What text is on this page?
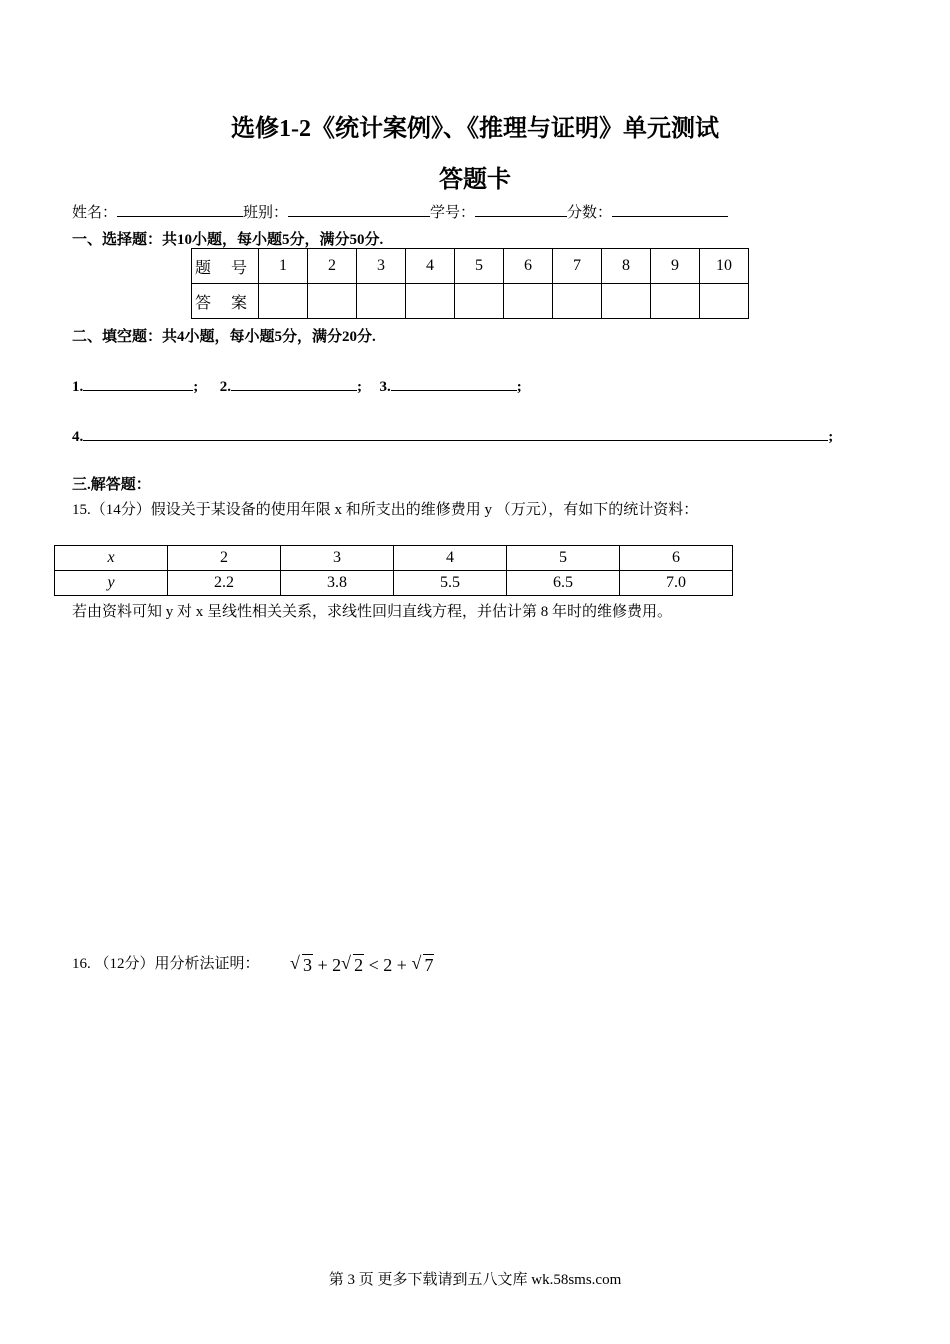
选修1-2《统计案例》、《推理与证明》单元测试
答题卡
姓名：	班别：	学号：	分数：
一、选择题：共10小题，每小题5分，满分50分.
题 号	1	2	3	4	5	6	7	8	9	10
答 案										
二、填空题：共4小题，每小题5分，满分20分.
1.	; 2.	; 3.	;
4.	;
三.解答题：
15.（14分）假设关于某设备的使用年限 x 和所支出的维修费用 y （万元），有如下的统计资料：
x	2	3	4	5	6
y	2.2	3.8	5.5	6.5	7.0
若由资料可知 y 对 x 呈线性相关关系，求线性回归直线方程，并估计第 8 年时的维修费用。
16. （12分）用分析法证明： √ 3 + 2 √ 2 < 2 + √ 7
第 3 页 更多下载请到五八文库 wk.58sms.com
